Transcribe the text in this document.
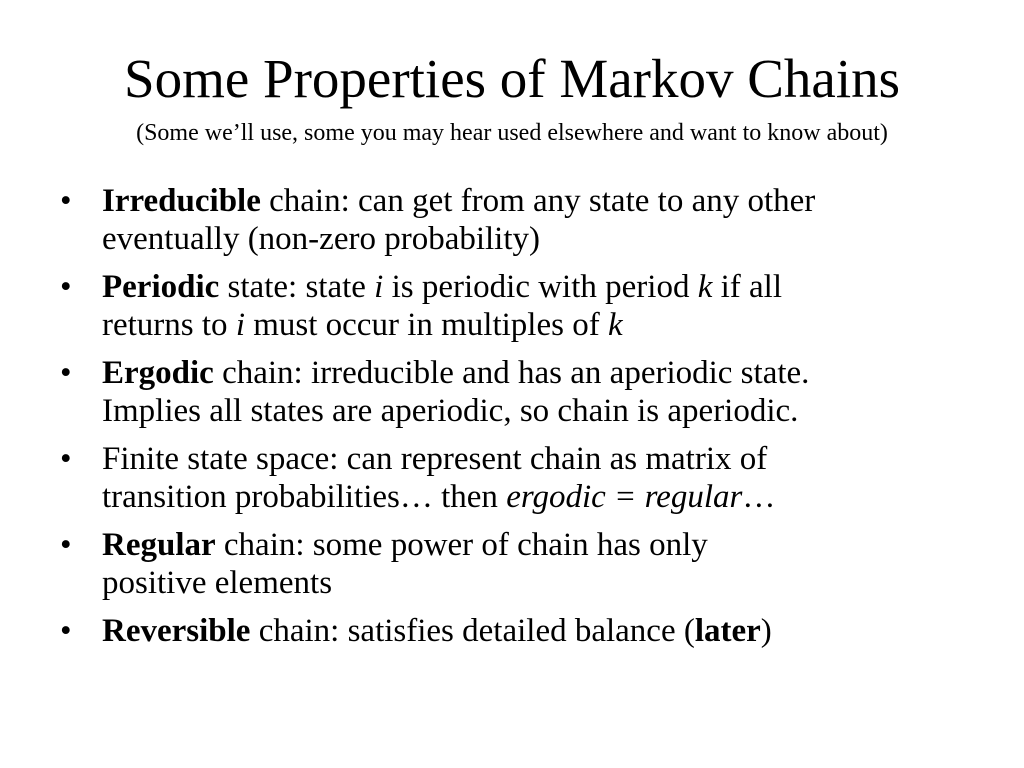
Some Properties of Markov Chains

(Some we’ll use, some you may hear used elsewhere and want to know about)

• Irreducible chain: can get from any state to any other
eventually (non-zero probability)
• Periodic state: state i is periodic with period k if all
returns to i must occur in multiples of k
• Ergodic chain: irreducible and has an aperiodic state.
Implies all states are aperiodic, so chain is aperiodic.
• Finite state space: can represent chain as matrix of
transition probabilities… then ergodic = regular…
• Regular chain: some power of chain has only
positive elements
• Reversible chain: satisfies detailed balance (later)
